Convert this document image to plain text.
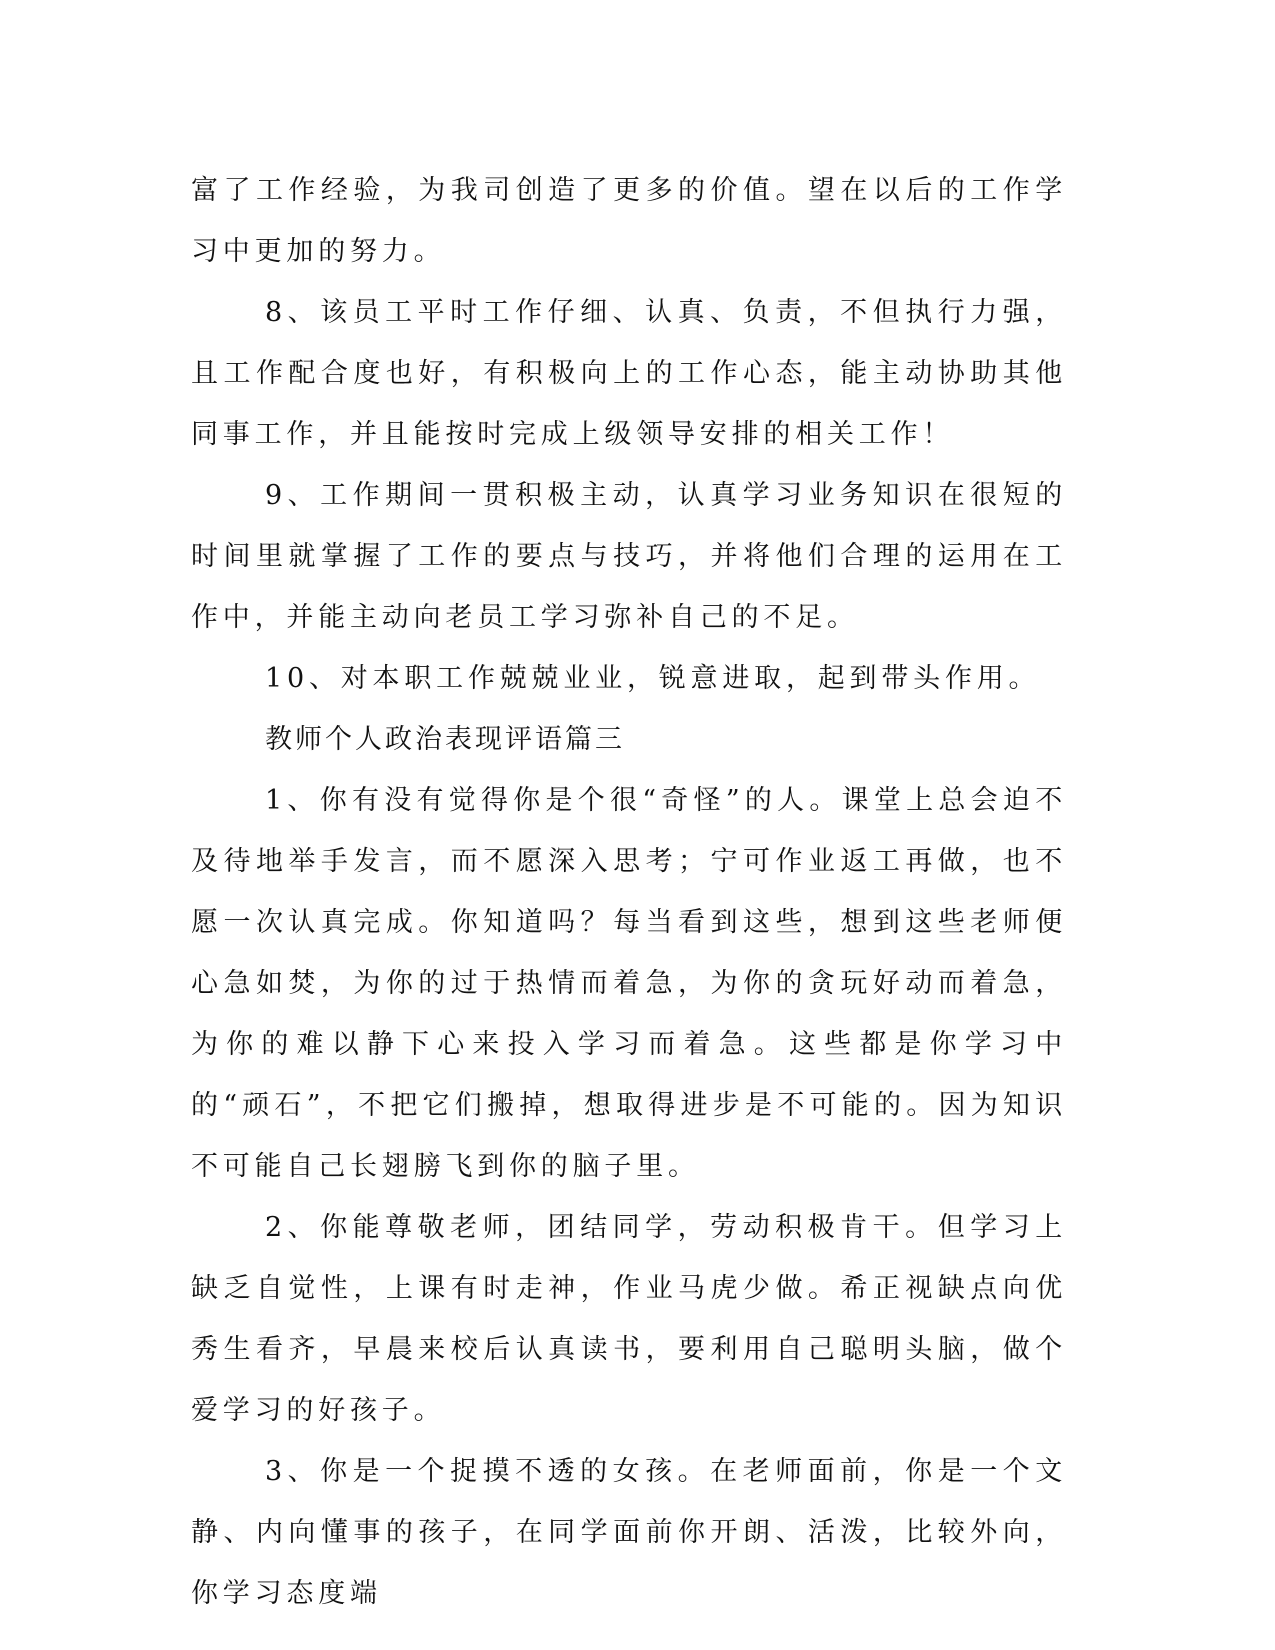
富了工作经验，为我司创造了更多的价值。望在以后的工作学习中更加的努力。

8、该员工平时工作仔细、认真、负责，不但执行力强，且工作配合度也好，有积极向上的工作心态，能主动协助其他同事工作，并且能按时完成上级领导安排的相关工作！

9、工作期间一贯积极主动，认真学习业务知识在很短的时间里就掌握了工作的要点与技巧，并将他们合理的运用在工作中，并能主动向老员工学习弥补自己的不足。

10、对本职工作兢兢业业，锐意进取，起到带头作用。

教师个人政治表现评语篇三

1、你有没有觉得你是个很“奇怪”的人。课堂上总会迫不及待地举手发言，而不愿深入思考；宁可作业返工再做，也不愿一次认真完成。你知道吗？每当看到这些，想到这些老师便心急如焚，为你的过于热情而着急，为你的贪玩好动而着急，为你的难以静下心来投入学习而着急。这些都是你学习中的“顽石”，不把它们搬掉，想取得进步是不可能的。因为知识不可能自己长翅膀飞到你的脑子里。

2、你能尊敬老师，团结同学，劳动积极肯干。但学习上缺乏自觉性，上课有时走神，作业马虎少做。希正视缺点向优秀生看齐，早晨来校后认真读书，要利用自己聪明头脑，做个爱学习的好孩子。

3、你是一个捉摸不透的女孩。在老师面前，你是一个文静、内向懂事的孩子，在同学面前你开朗、活泼，比较外向，你学习态度端
